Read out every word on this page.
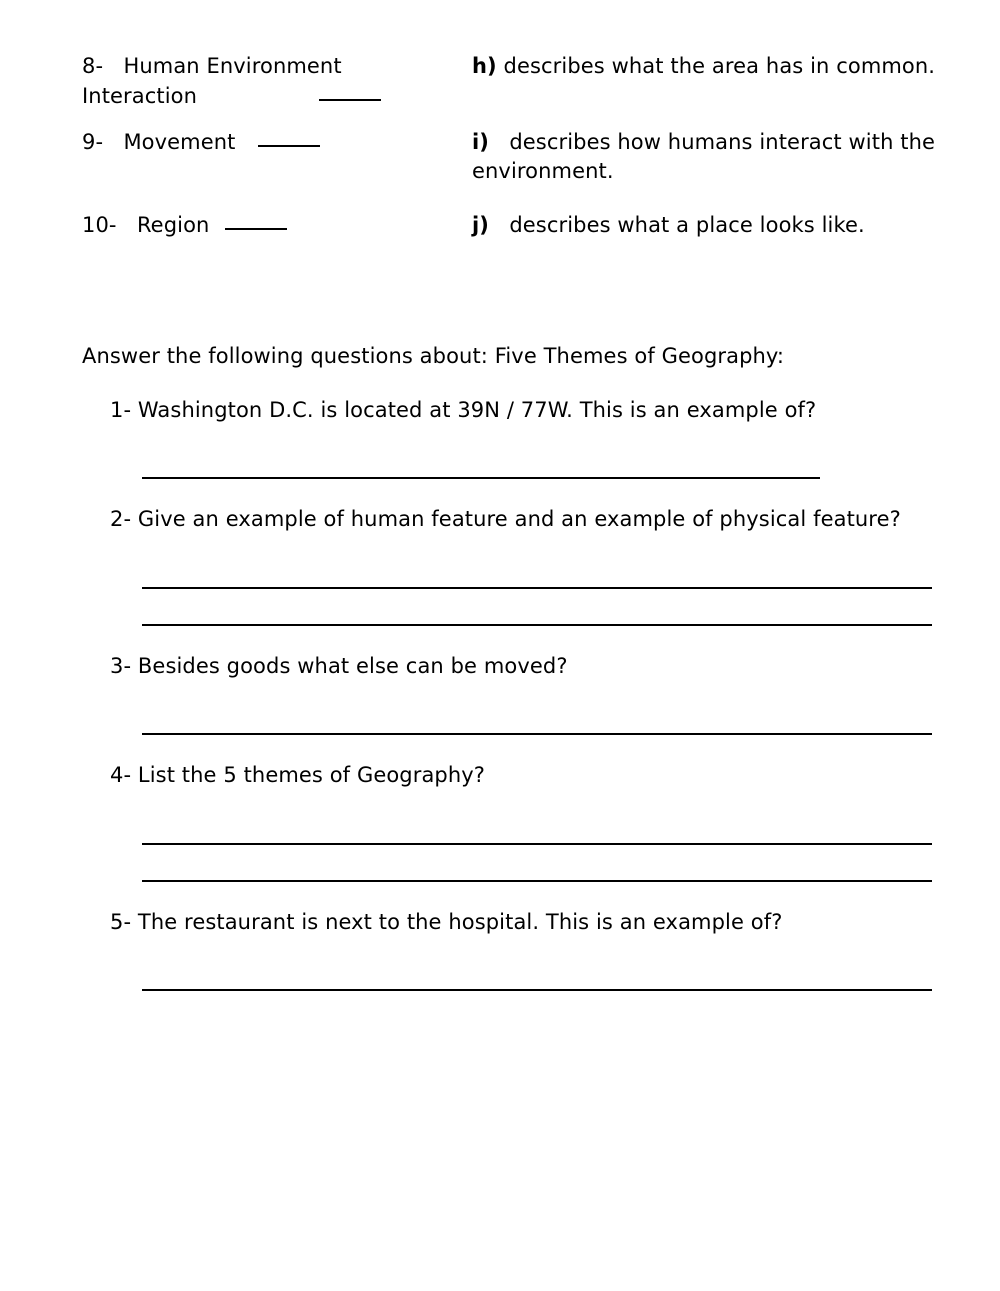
8- Human Environment
Interaction
h) describes what the area has in common.
9- Movement	i) describes how humans interact with the environment.
10- Region	j) describes what a place looks like.
Answer the following questions about: Five Themes of Geography:
1- Washington D.C. is located at 39N / 77W. This is an example of?
2- Give an example of human feature and an example of physical feature?
3- Besides goods what else can be moved?
4- List the 5 themes of Geography?
5- The restaurant is next to the hospital. This is an example of?
